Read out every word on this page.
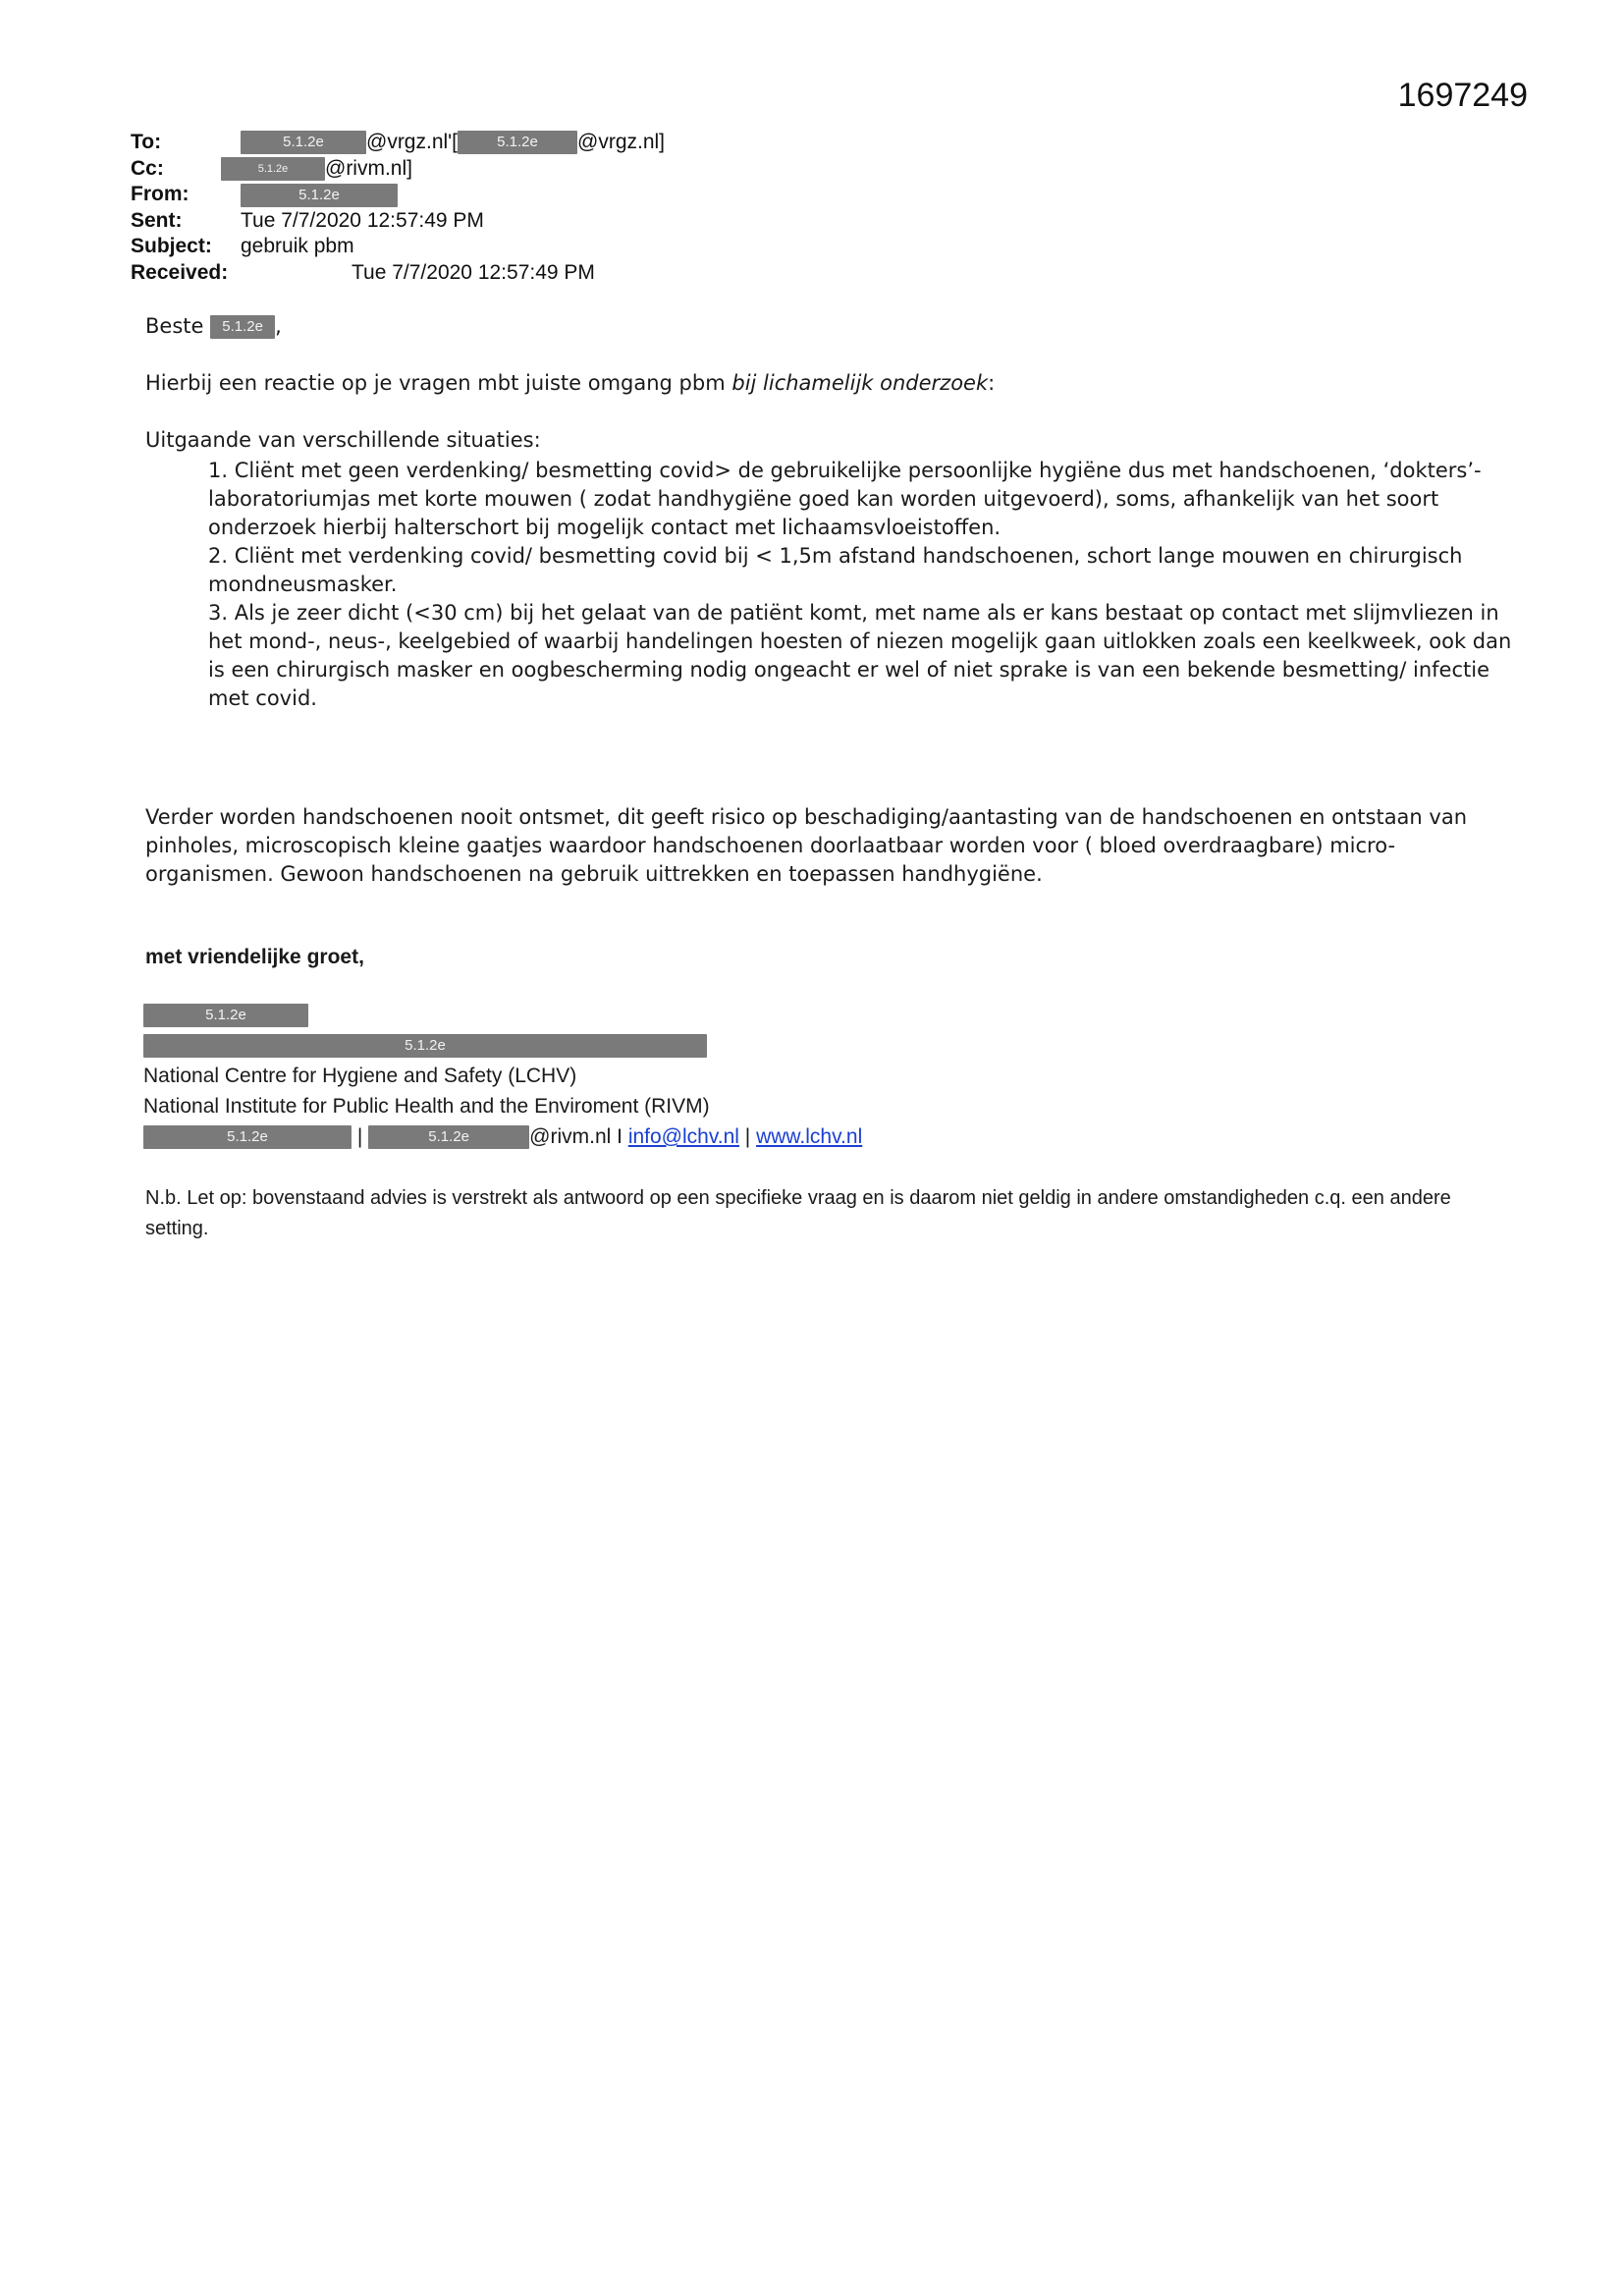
1697249
To:	5.1.2e @vrgz.nl'[	5.1.2e @vrgz.nl]
Cc:	5.1.2e @rivm.nl]
From:	5.1.2e
Sent:	Tue 7/7/2020 12:57:49 PM
Subject: gebruik pbm
Received:	Tue 7/7/2020 12:57:49 PM
Beste 5.1.2e ,
Hierbij een reactie op je vragen mbt juiste omgang pbm bij lichamelijk onderzoek:
Uitgaande van verschillende situaties:
1. Cliënt met geen verdenking/ besmetting covid> de gebruikelijke persoonlijke hygiëne dus met handschoenen, ‘dokters’-laboratoriumjas met korte mouwen ( zodat handhygiëne goed kan worden uitgevoerd), soms, afhankelijk van het soort onderzoek hierbij halterschort bij mogelijk contact met lichaamsvloeistoffen.
2. Cliënt met verdenking covid/ besmetting covid bij < 1,5m afstand handschoenen, schort lange mouwen en chirurgisch mondneusmasker.
3. Als je zeer dicht (<30 cm) bij het gelaat van de patiënt komt, met name als er kans bestaat op contact met slijmvliezen in het mond-, neus-, keelgebied of waarbij handelingen hoesten of niezen mogelijk gaan uitlokken zoals een keelkweek, ook dan is een chirurgisch masker en oogbescherming nodig ongeacht er wel of niet sprake is van een bekende besmetting/ infectie met covid.
Verder worden handschoenen nooit ontsmet, dit geeft risico op beschadiging/aantasting van de handschoenen en ontstaan van pinholes, microscopisch kleine gaatjes waardoor handschoenen doorlaatbaar worden voor ( bloed overdraagbare) micro-organismen. Gewoon handschoenen na gebruik uittrekken en toepassen handhygiëne.
met vriendelijke groet,
5.1.2e
5.1.2e
National Centre for Hygiene and Safety (LCHV)
National Institute for Public Health and the Enviroment (RIVM)
5.1.2e	|	5.1.2e	@rivm.nl I info@lchv.nl | www.lchv.nl
N.b. Let op: bovenstaand advies is verstrekt als antwoord op een specifieke vraag en is daarom niet geldig in andere omstandigheden c.q. een andere setting.
